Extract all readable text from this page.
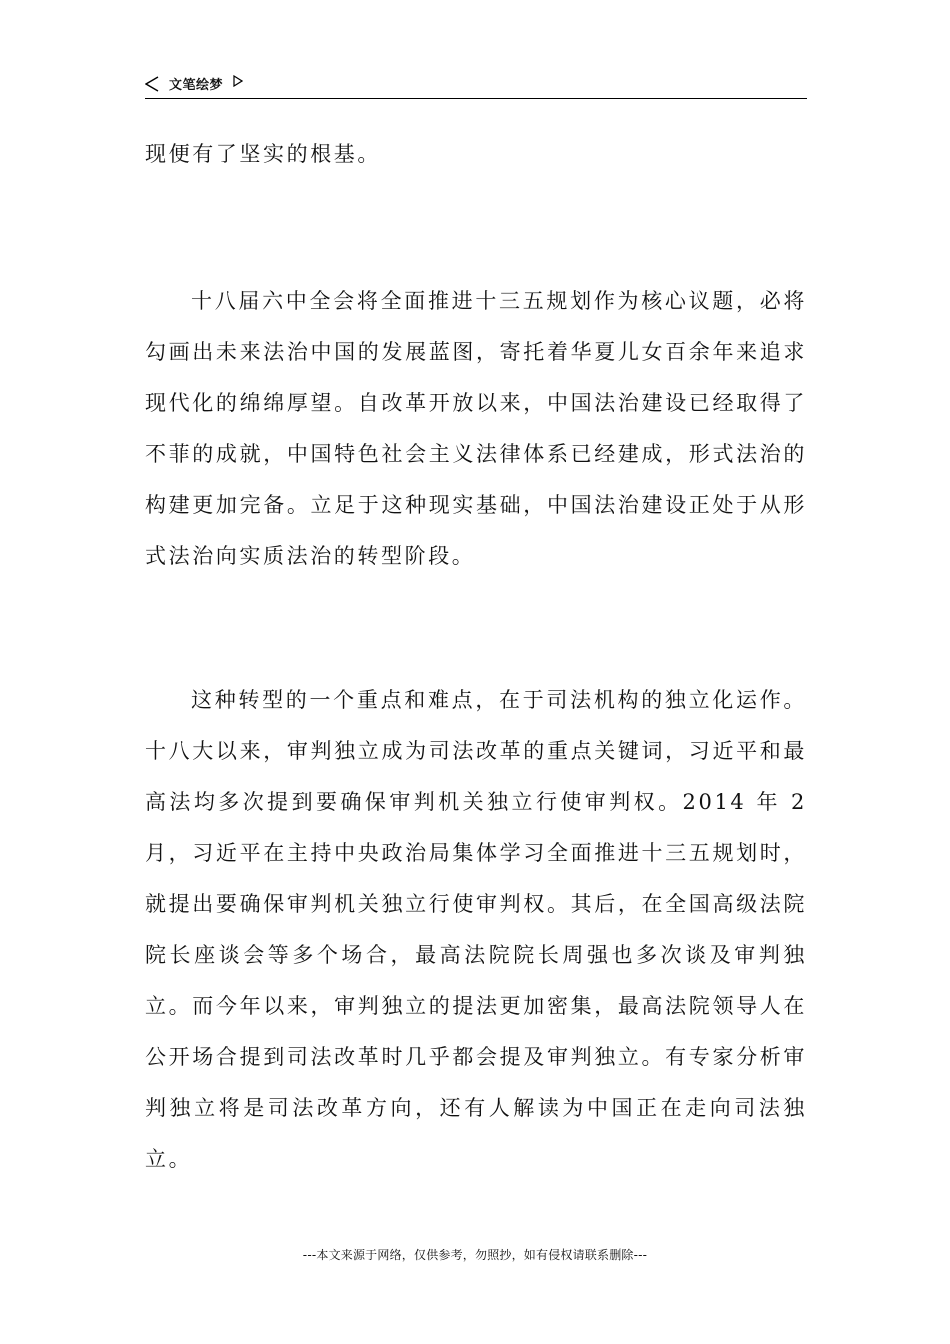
文笔绘梦

现便有了坚实的根基。

十八届六中全会将全面推进十三五规划作为核心议题，必将勾画出未来法治中国的发展蓝图，寄托着华夏儿女百余年来追求现代化的绵绵厚望。自改革开放以来，中国法治建设已经取得了不菲的成就，中国特色社会主义法律体系已经建成，形式法治的构建更加完备。立足于这种现实基础，中国法治建设正处于从形式法治向实质法治的转型阶段。

这种转型的一个重点和难点，在于司法机构的独立化运作。十八大以来，审判独立成为司法改革的重点关键词，习近平和最高法均多次提到要确保审判机关独立行使审判权。2014 年 2 月，习近平在主持中央政治局集体学习全面推进十三五规划时，就提出要确保审判机关独立行使审判权。其后，在全国高级法院院长座谈会等多个场合，最高法院院长周强也多次谈及审判独立。而今年以来，审判独立的提法更加密集，最高法院领导人在公开场合提到司法改革时几乎都会提及审判独立。有专家分析审判独立将是司法改革方向，还有人解读为中国正在走向司法独立。

---本文来源于网络，仅供参考，勿照抄，如有侵权请联系删除---
